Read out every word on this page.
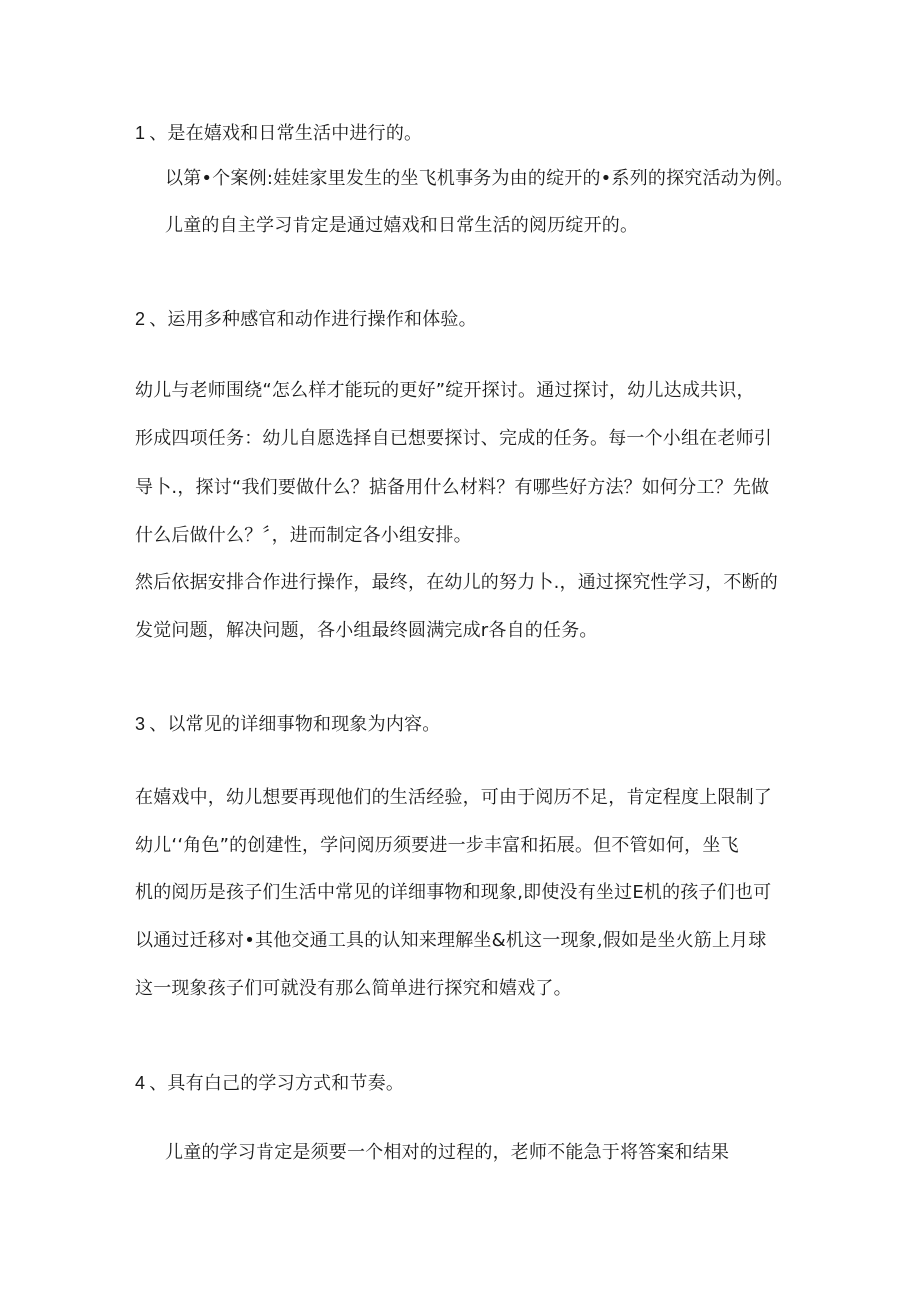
1 、是在嬉戏和日常生活中进行的。
以第•个案例:娃娃家里发生的坐飞机事务为由的绽开的•系列的探究活动为例。
儿童的自主学习肯定是通过嬉戏和日常生活的阅历绽开的。
2 、运用多种感官和动作进行操作和体验。
幼儿与老师围绕“怎么样才能玩的更好”绽开探讨。通过探讨，幼儿达成共识，
形成四项任务：幼儿自愿选择自已想要探讨、完成的任务。每一个小组在老师引
导卜.，探讨“我们要做什么？掂备用什么材料？有哪些好方法？如何分工？先做
什么后做什么？〞，进而制定各小组安排。
然后依据安排合作进行操作，最终，在幼儿的努力卜.，通过探究性学习，不断的
发觉问题，解决问题，各小组最终圆满完成r各自的任务。
3 、以常见的详细事物和现象为内容。
在嬉戏中，幼儿想要再现他们的生活经验，可由于阅历不足，肯定程度上限制了
幼儿‘‘角色”的创建性，学问阅历须要进一步丰富和拓展。但不管如何，坐飞
机的阅历是孩子们生活中常见的详细事物和现象,即使没有坐过E机的孩子们也可
以通过迁移对•其他交通工具的认知来理解坐&机这一现象,假如是坐火筋上月球
这一现象孩子们可就没有那么简单进行探究和嬉戏了。
4 、具有白己的学习方式和节奏。
儿童的学习肯定是须要一个相对的过程的，老师不能急于将答案和结果
